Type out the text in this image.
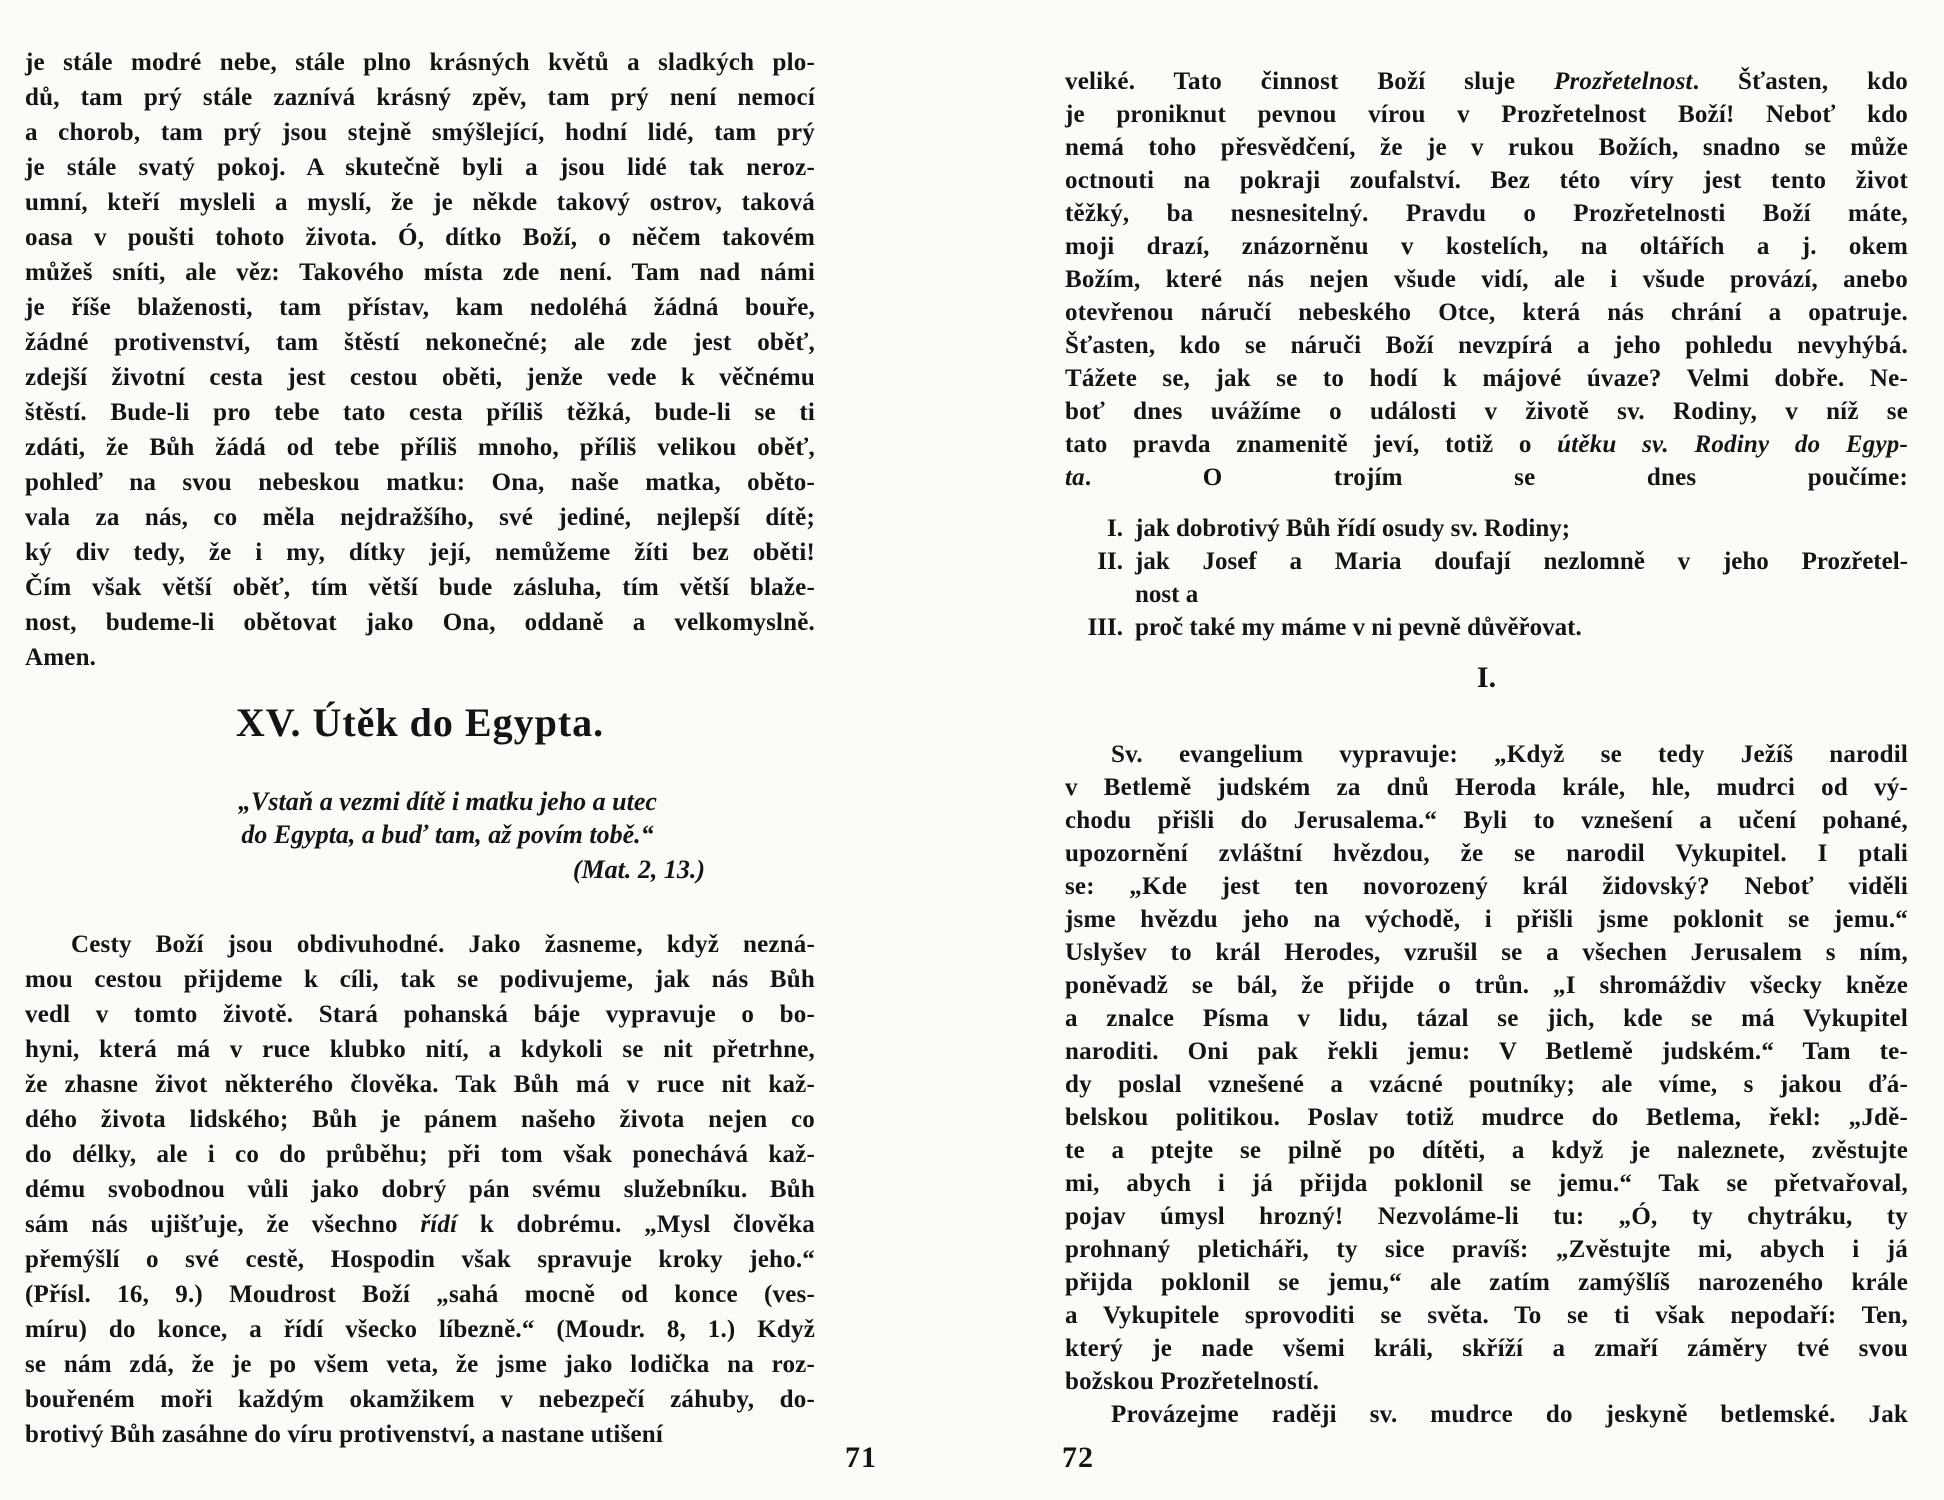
je stále modré nebe, stále plno krásných květů a sladkých plo-
dů, tam prý stále zaznívá krásný zpěv, tam prý není nemocí
a chorob, tam prý jsou stejně smýšlející, hodní lidé, tam prý
je stále svatý pokoj. A skutečně byli a jsou lidé tak neroz-
umní, kteří mysleli a myslí, že je někde takový ostrov, taková
oasa v poušti tohoto života. Ó, dítko Boží, o něčem takovém
můžeš sníti, ale věz: Takového místa zde není. Tam nad námi
je říše blaženosti, tam přístav, kam nedoléhá žádná bouře,
žádné protivenství, tam štěstí nekonečné; ale zde jest oběť,
zdejší životní cesta jest cestou oběti, jenže vede k věčnému
štěstí. Bude-li pro tebe tato cesta příliš těžká, bude-li se ti
zdáti, že Bůh žádá od tebe příliš mnoho, příliš velikou oběť,
pohleď na svou nebeskou matku: Ona, naše matka, oběto-
vala za nás, co měla nejdražšího, své jediné, nejlepší dítě;
ký div tedy, že i my, dítky její, nemůžeme žíti bez oběti!
Čím však větší oběť, tím větší bude zásluha, tím větší blaže-
nost, budeme-li obětovat jako Ona, oddaně a velkomyslně.
Amen.
XV. Útěk do Egypta.
„Vstaň a vezmi dítě i matku jeho a utec
do Egypta, a buď tam, až povím tobě.“
(Mat. 2, 13.)
Cesty Boží jsou obdivuhodné. Jako žasneme, když nezná-
mou cestou přijdeme k cíli, tak se podivujeme, jak nás Bůh
vedl v tomto životě. Stará pohanská báje vypravuje o bo-
hyni, která má v ruce klubko nití, a kdykoli se nit přetrhne,
že zhasne život některého člověka. Tak Bůh má v ruce nit kaž-
dého života lidského; Bůh je pánem našeho života nejen co
do délky, ale i co do průběhu; při tom však ponechává kaž-
dému svobodnou vůli jako dobrý pán svému služebníku. Bůh
sám nás ujišťuje, že všechno řídí k dobrému. „Mysl člověka
přemýšlí o své cestě, Hospodin však spravuje kroky jeho.“
(Přísl. 16, 9.) Moudrost Boží „sahá mocně od konce (ves-
míru) do konce, a řídí všecko líbezně.“ (Moudr. 8, 1.) Když
se nám zdá, že je po všem veta, že jsme jako lodička na roz-
bouřeném moři každým okamžikem v nebezpečí záhuby, do-
brotivý Bůh zasáhne do víru protivenství, a nastane utišení
veliké. Tato činnost Boží sluje Prozřetelnost. Šťasten, kdo
je proniknut pevnou vírou v Prozřetelnost Boží! Neboť kdo
nemá toho přesvědčení, že je v rukou Božích, snadno se může
octnouti na pokraji zoufalství. Bez této víry jest tento život
těžký, ba nesnesitelný. Pravdu o Prozřetelnosti Boží máte,
moji drazí, znázorněnu v kostelích, na oltářích a j. okem
Božím, které nás nejen všude vidí, ale i všude provází, anebo
otevřenou náručí nebeského Otce, která nás chrání a opatruje.
Šťasten, kdo se náruči Boží nevzpírá a jeho pohledu nevyhýbá.
Tážete se, jak se to hodí k májové úvaze? Velmi dobře. Ne-
boť dnes uvážíme o události v životě sv. Rodiny, v níž se
tato pravda znamenitě jeví, totiž o útěku sv. Rodiny do Egyp-
ta. O trojím se dnes poučíme:
I. jak dobrotivý Bůh řídí osudy sv. Rodiny;
II. jak Josef a Maria doufají nezlomně v jeho Prozřetel-
nost a
III. proč také my máme v ni pevně důvěřovat.
I.
Sv. evangelium vypravuje: „Když se tedy Ježíš narodil
v Betlemě judském za dnů Heroda krále, hle, mudrci od vý-
chodu přišli do Jerusalema.“ Byli to vznešení a učení pohané,
upozornění zvláštní hvězdou, že se narodil Vykupitel. I ptali
se: „Kde jest ten novorozený král židovský? Neboť viděli
jsme hvězdu jeho na východě, i přišli jsme poklonit se jemu.“
Uslyšev to král Herodes, vzrušil se a všechen Jerusalem s ním,
poněvadž se bál, že přijde o trůn. „I shromáždiv všecky kněze
a znalce Písma v lidu, tázal se jich, kde se má Vykupitel
naroditi. Oni pak řekli jemu: V Betlemě judském.“ Tam te-
dy poslal vznešené a vzácné poutníky; ale víme, s jakou ďá-
belskou politikou. Poslav totiž mudrce do Betlema, řekl: „Jdě-
te a ptejte se pilně po dítěti, a když je naleznete, zvěstujte
mi, abych i já přijda poklonil se jemu.“ Tak se přetvařoval,
pojav úmysl hrozný! Nezvoláme-li tu: „Ó, ty chytráku, ty
prohnaný pleticháři, ty sice pravíš: „Zvěstujte mi, abych i já
přijda poklonil se jemu,“ ale zatím zamýšlíš narozeného krále
a Vykupitele sprovoditi se světa. To se ti však nepodaří: Ten,
který je nade všemi králi, skříží a zmaří záměry tvé svou
božskou Prozřetelností.
Provázejme raději sv. mudrce do jeskyně betlemské. Jak
71	72
